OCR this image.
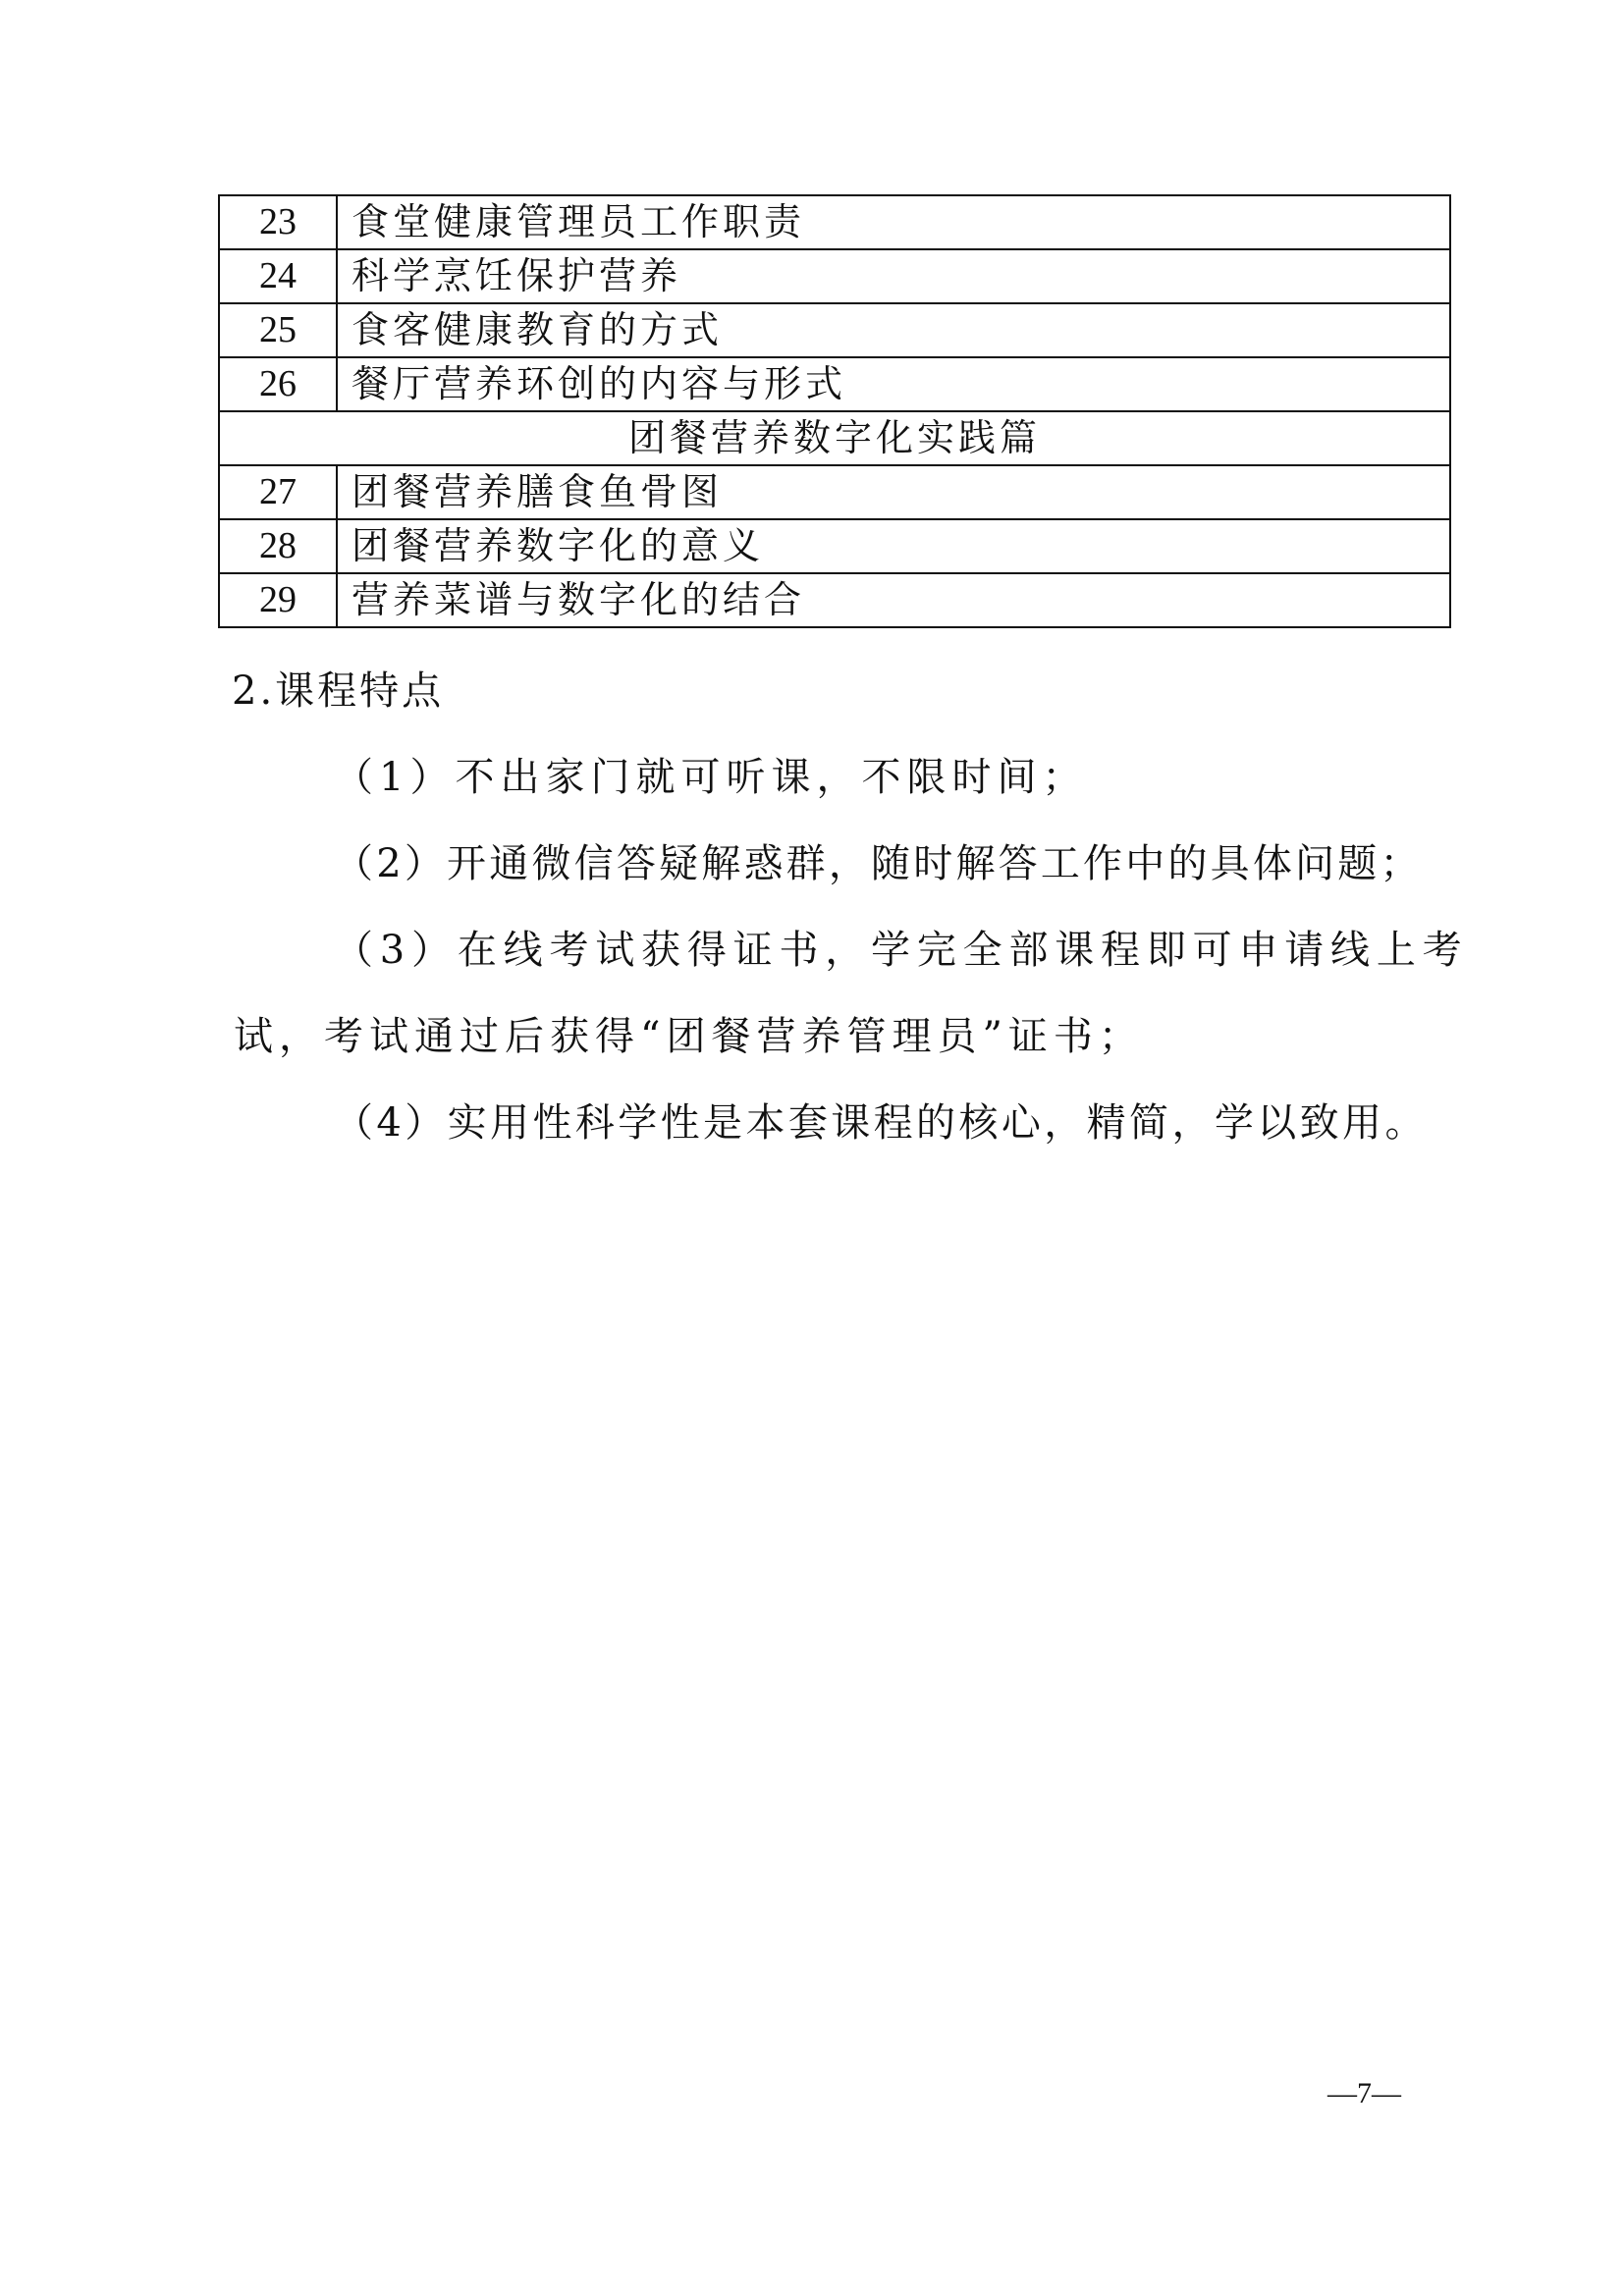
23	食堂健康管理员工作职责
24	科学烹饪保护营养
25	食客健康教育的方式
26	餐厅营养环创的内容与形式
团餐营养数字化实践篇	
27	团餐营养膳食鱼骨图
28	团餐营养数字化的意义
29	营养菜谱与数字化的结合
2.课程特点
（1）不出家门就可听课，不限时间；
（2）开通微信答疑解惑群，随时解答工作中的具体问题；
（3）在线考试获得证书，学完全部课程即可申请线上考
试，考试通过后获得“团餐营养管理员”证书；
（4）实用性科学性是本套课程的核心，精简，学以致用。
—7—
